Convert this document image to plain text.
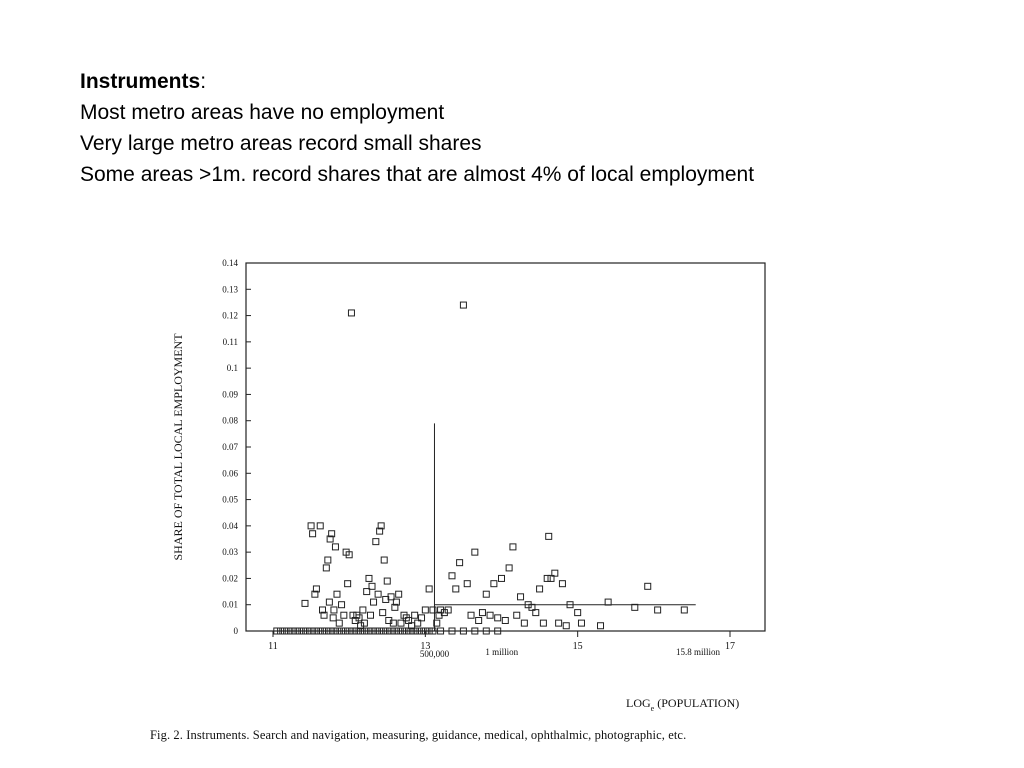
Instruments:
Most metro areas have no employment
Very large metro areas record small shares
Some areas >1m. record shares that are almost 4% of local employment
0
0.01
0.02
0.03
0.04
0.05
0.06
0.07
0.08
0.09
0.1
0.11
0.12
0.13
0.14
11	13	15	17
500,000	1 million	15.8 million
SHARE OF TOTAL LOCAL EMPLOYMENT
$LOG_e$ (POPULATION)
Fig. 2. Instruments. Search and navigation, measuring, guidance, medical, ophthalmic, photographic, etc.
